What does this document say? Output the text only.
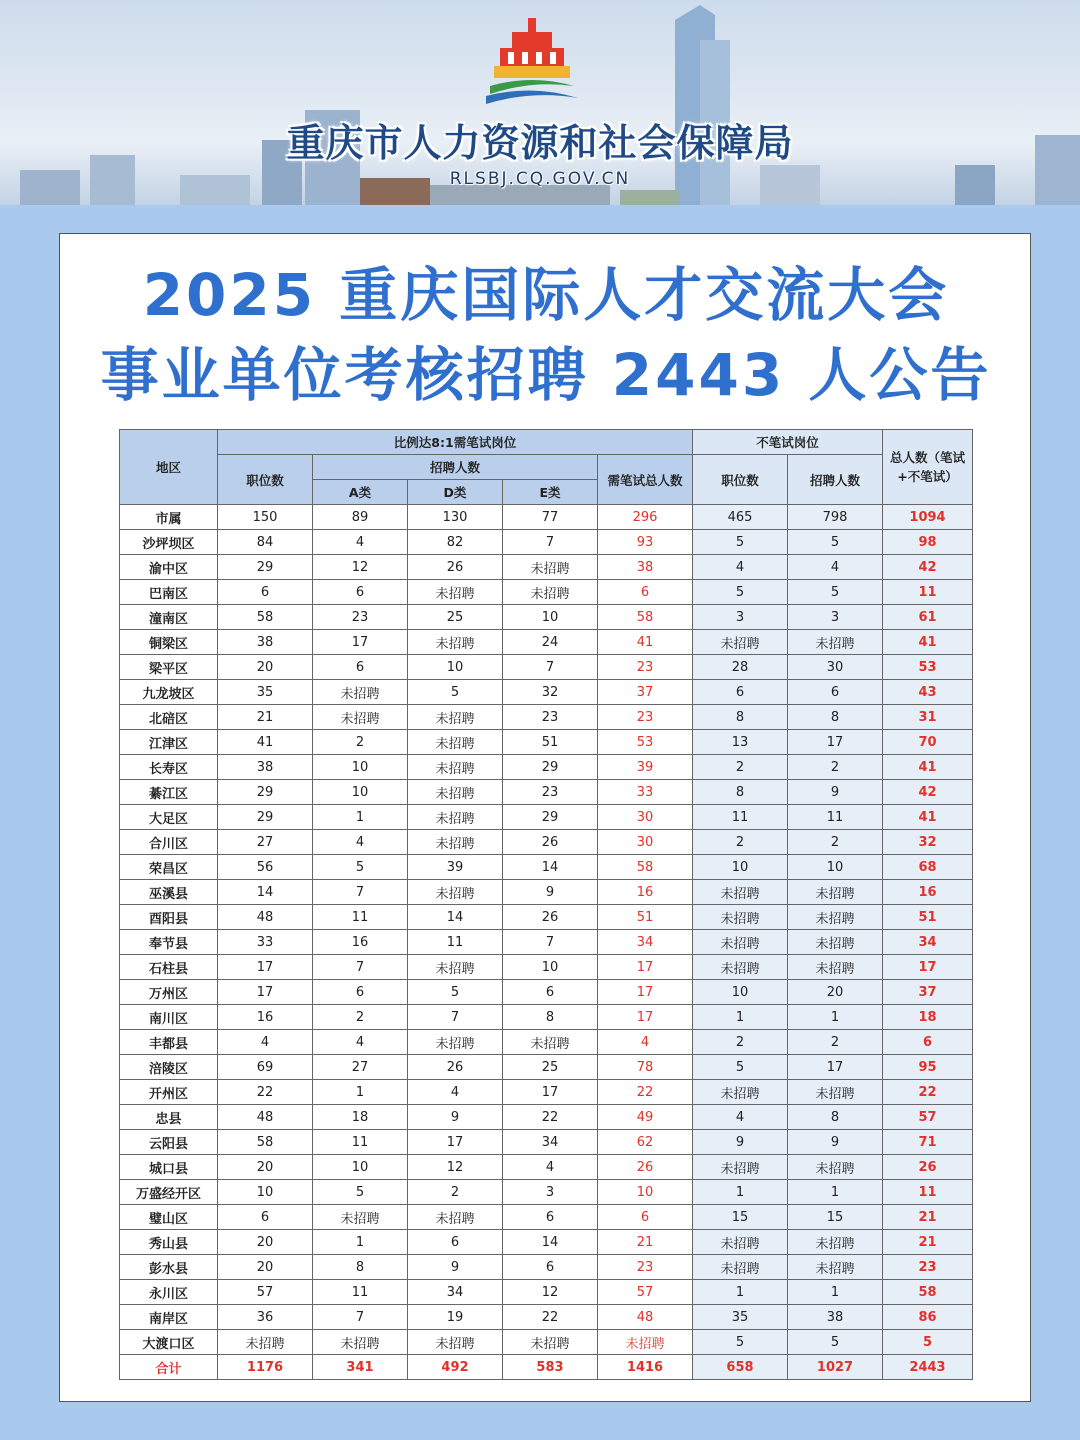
重庆市人力资源和社会保障局
RLSBJ.CQ.GOV.CN
2025 重庆国际人才交流大会
事业单位考核招聘 2443 人公告
地区	比例达8:1需笔试岗位					不笔试岗位		总人数（笔试+不笔试）
	职位数	招聘人数			需笔试总人数	职位数	招聘人数	
		A类	D类	E类				
市属	150	89	130	77	296	465	798	1094
沙坪坝区	84	4	82	7	93	5	5	98
渝中区	29	12	26	未招聘	38	4	4	42
巴南区	6	6	未招聘	未招聘	6	5	5	11
潼南区	58	23	25	10	58	3	3	61
铜梁区	38	17	未招聘	24	41	未招聘	未招聘	41
梁平区	20	6	10	7	23	28	30	53
九龙坡区	35	未招聘	5	32	37	6	6	43
北碚区	21	未招聘	未招聘	23	23	8	8	31
江津区	41	2	未招聘	51	53	13	17	70
长寿区	38	10	未招聘	29	39	2	2	41
綦江区	29	10	未招聘	23	33	8	9	42
大足区	29	1	未招聘	29	30	11	11	41
合川区	27	4	未招聘	26	30	2	2	32
荣昌区	56	5	39	14	58	10	10	68
巫溪县	14	7	未招聘	9	16	未招聘	未招聘	16
酉阳县	48	11	14	26	51	未招聘	未招聘	51
奉节县	33	16	11	7	34	未招聘	未招聘	34
石柱县	17	7	未招聘	10	17	未招聘	未招聘	17
万州区	17	6	5	6	17	10	20	37
南川区	16	2	7	8	17	1	1	18
丰都县	4	4	未招聘	未招聘	4	2	2	6
涪陵区	69	27	26	25	78	5	17	95
开州区	22	1	4	17	22	未招聘	未招聘	22
忠县	48	18	9	22	49	4	8	57
云阳县	58	11	17	34	62	9	9	71
城口县	20	10	12	4	26	未招聘	未招聘	26
万盛经开区	10	5	2	3	10	1	1	11
璧山区	6	未招聘	未招聘	6	6	15	15	21
秀山县	20	1	6	14	21	未招聘	未招聘	21
彭水县	20	8	9	6	23	未招聘	未招聘	23
永川区	57	11	34	12	57	1	1	58
南岸区	36	7	19	22	48	35	38	86
大渡口区	未招聘	未招聘	未招聘	未招聘	未招聘	5	5	5
合计	1176	341	492	583	1416	658	1027	2443
